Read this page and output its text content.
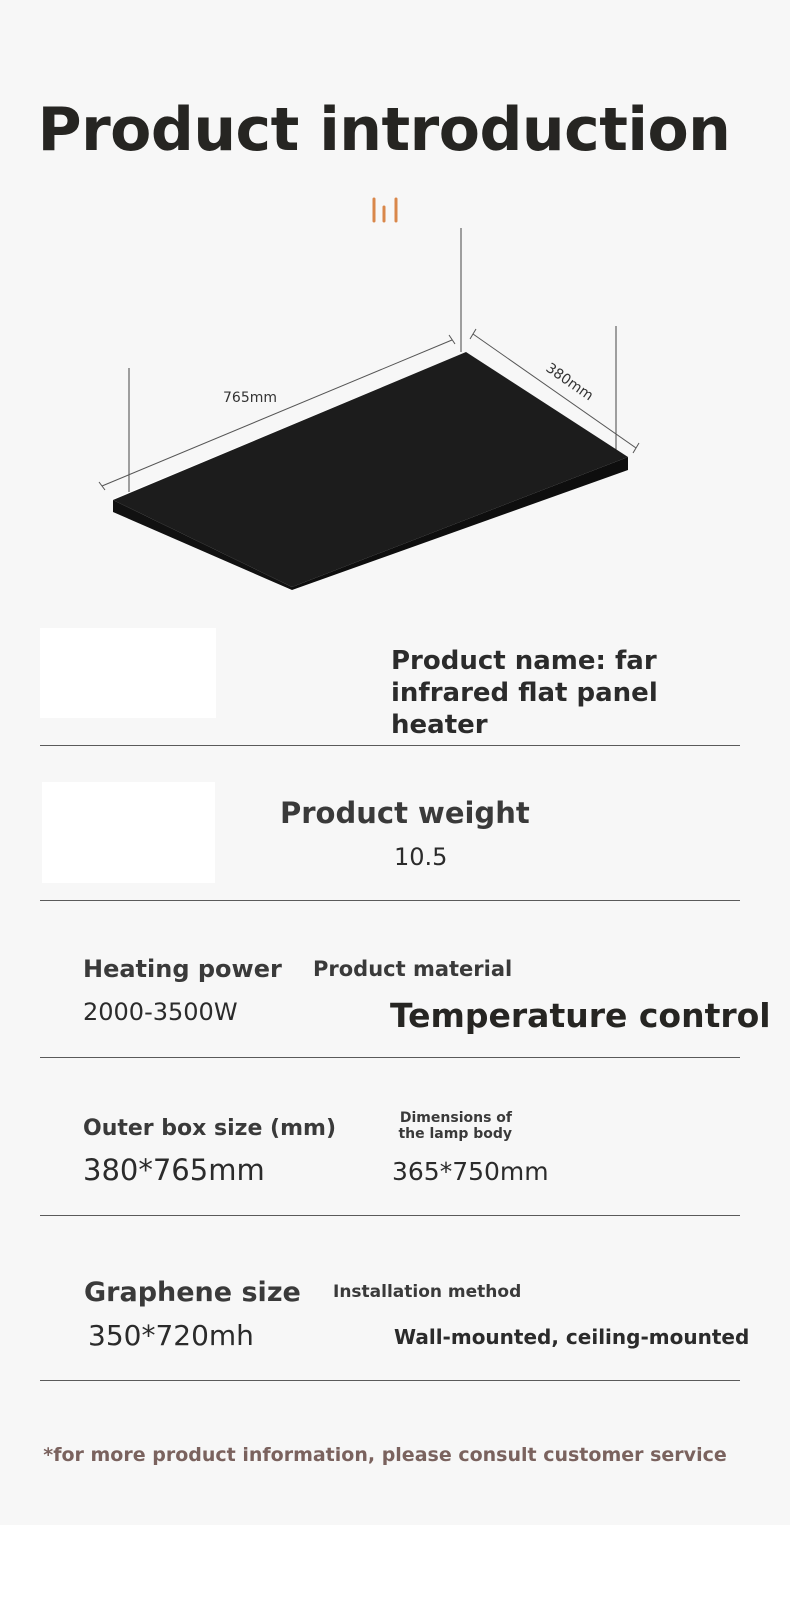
Product introduction
765mm	380mm
Product name: far infrared flat panel heater
Product weight
10.5
Heating power
2000-3500W
Product material
Temperature control
Outer box size (mm)
380*765mm
Dimensions of the lamp body
365*750mm
Graphene size
350*720mh
Installation method
Wall-mounted, ceiling-mounted
*for more product information, please consult customer service
